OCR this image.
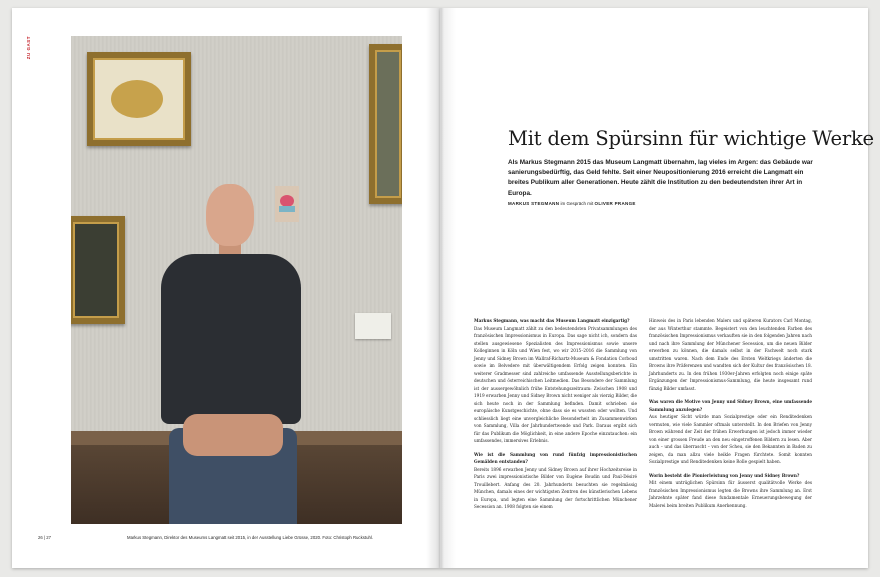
ZU GAST
26 | 27	Markus Stegmann, Direktor des Museums Langmatt seit 2015, in der Ausstellung Liebe Grüsse, 2020. Foto: Christoph Ruckstuhl.
Mit dem Spürsinn für wichtige Werke
Als Markus Stegmann 2015 das Museum Langmatt übernahm, lag vieles im Argen: das Gebäude war sanierungsbedürftig, das Geld fehlte. Seit einer Neupositionierung 2016 erreicht die Langmatt ein breites Publikum aller Generationen. Heute zählt die Institution zu den bedeutendsten ihrer Art in Europa.
MARKUS STEGMANN im Gespräch mit OLIVER PRANGE

Markus Stegmann, was macht das Museum Langmatt einzigartig?
Das Museum Langmatt zählt zu den bedeutendsten Privatsammlungen des französischen Impressionismus in Europa. Das sage nicht ich, sondern das stellen ausgewiesene Spezialisten des Impressionismus sowie unsere Kolleginnen in Köln und Wien fest, wo wir 2015–2016 die Sammlung von Jenny und Sidney Brown im Wallraf-Richartz-Museum & Fondation Corboud sowie im Belvedere mit überwältigendem Erfolg zeigen konnten. Ein weiterer Gradmesser sind zahlreiche umfassende Ausstellungsberichte in deutschen und österreichischen Leitmedien. Das Besondere der Sammlung ist der aussergewöhnlich frühe Entstehungszeitraum: Zwischen 1908 und 1919 erwarben Jenny und Sidney Brown nicht weniger als vierzig Bilder, die sich heute noch in der Sammlung befinden. Damit schrieben sie europäische Kunstgeschichte, ohne dass sie es wussten oder wollten. Und schliesslich liegt eine unvergleichliche Besonderheit im Zusammenwirken von Sammlung, Villa der Jahrhundertwende und Park. Daraus ergibt sich für das Publikum die Möglichkeit, in eine andere Epoche einzutauchen: ein umfassendes, immersives Erlebnis.

Wie ist die Sammlung von rund fünfzig impressionistischen Gemälden entstanden?
Bereits 1896 erwarben Jenny und Sidney Brown auf ihrer Hochzeitsreise in Paris zwei impressionistische Bilder von Eugène Boudin und Paul-Désiré Trouillebert. Anfang des 20. Jahrhunderts besuchten sie regelmässig München, damals eines der wichtigsten Zentren des künstlerischen Lebens in Europa, und legten eine Sammlung der fortschrittlichen Münchener Secession an. 1908 folgten sie einem

Hinweis des in Paris lebenden Malers und späteren Kurators Carl Montag, der aus Winterthur stammte. Begeistert von den leuchtenden Farben des französischen Impressionismus verkauften sie in den folgenden Jahren nach und nach ihre Sammlung der Münchener Secession, um die neuen Bilder erwerben zu können, die damals selbst in der Fachwelt noch stark umstritten waren. Nach dem Ende des Ersten Weltkriegs änderten die Browns ihre Präferenzen und wandten sich der Kultur des französischen 18. Jahrhunderts zu. In den frühen 1930er-Jahren erfolgten noch einige späte Ergänzungen der Impressionismus-Sammlung, die heute insgesamt rund fünzig Bilder umfasst.

Was waren die Motive von Jenny und Sidney Brown, eine umfassende Sammlung anzulegen?
Aus heutiger Sicht würde man Sozialprestige oder ein Renditedenken vermuten, wie viele Sammler oftmals unterstellt. In den Briefen von Jenny Brown während der Zeit der frühen Erwerbungen ist jedoch immer wieder von einer grossen Freude an den neu eingetroffenen Bildern zu lesen. Aber auch – und das überrascht – von der Scheu, sie den Bekannten in Baden zu zeigen, da man allzu viele heikle Fragen fürchtete. Somit konnten Sozialprestige und Renditedenken keine Rolle gespielt haben.

Worin besteht die Pionierleistung von Jenny und Sidney Brown?
Mit einem untrüglichen Spürsinn für äusserst qualitätvolle Werke des französischen Impressionismus legten die Browns ihre Sammlung an. Erst Jahrzehnte später fand diese fundamentale Erneuerungsbewegung der Malerei beim breiten Publikum Anerkennung.
